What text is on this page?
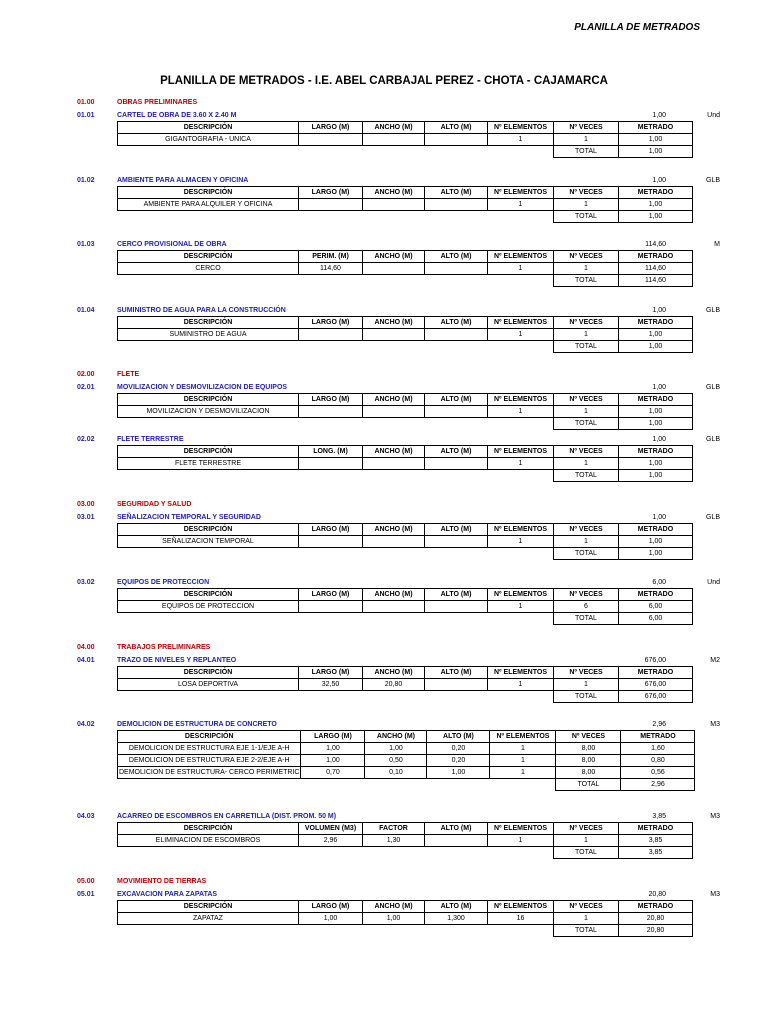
PLANILLA DE METRADOS
PLANILLA DE METRADOS - I.E. ABEL CARBAJAL PEREZ - CHOTA - CAJAMARCA
01.00	OBRAS PRELIMINARES
01.01	CARTEL DE OBRA DE 3.60 X 2.40 M	1,00	Und
DESCRIPCIÓN	LARGO (M)	ANCHO (M)	ALTO (M)	Nº ELEMENTOS	Nº VECES	METRADO
GIGANTOGRAFIA - UNICA				1	1	1,00
					TOTAL	1,00
01.02	AMBIENTE PARA ALMACEN Y OFICINA	1,00	GLB
DESCRIPCIÓN	LARGO (M)	ANCHO (M)	ALTO (M)	Nº ELEMENTOS	Nº VECES	METRADO
AMBIENTE PARA ALQUILER Y OFICINA				1	1	1,00
					TOTAL	1,00
01.03	CERCO PROVISIONAL DE OBRA	114,60	M
DESCRIPCIÓN	PERIM. (M)	ANCHO (M)	ALTO (M)	Nº ELEMENTOS	Nº VECES	METRADO
CERCO	114,60			1	1	114,60
					TOTAL	114,60
01.04	SUMINISTRO DE AGUA PARA LA CONSTRUCCIÓN	1,00	GLB
DESCRIPCIÓN	LARGO (M)	ANCHO (M)	ALTO (M)	Nº ELEMENTOS	Nº VECES	METRADO
SUMINISTRO DE AGUA				1	1	1,00
					TOTAL	1,00
02.00	FLETE
02.01	MOVILIZACION Y DESMOVILIZACION DE EQUIPOS	1,00	GLB
DESCRIPCIÓN	LARGO (M)	ANCHO (M)	ALTO (M)	Nº ELEMENTOS	Nº VECES	METRADO
MOVILIZACION Y DESMOVILIZACION				1	1	1,00
					TOTAL	1,00
02.02	FLETE TERRESTRE	1,00	GLB
DESCRIPCIÓN	LONG. (M)	ANCHO (M)	ALTO (M)	Nº ELEMENTOS	Nº VECES	METRADO
FLETE TERRESTRE				1	1	1,00
					TOTAL	1,00
03.00	SEGURIDAD Y SALUD
03.01	SEÑALIZACION TEMPORAL Y SEGURIDAD	1,00	GLB
DESCRIPCIÓN	LARGO (M)	ANCHO (M)	ALTO (M)	Nº ELEMENTOS	Nº VECES	METRADO
SEÑALIZACION TEMPORAL				1	1	1,00
					TOTAL	1,00
03.02	EQUIPOS DE PROTECCION	6,00	Und
DESCRIPCIÓN	LARGO (M)	ANCHO (M)	ALTO (M)	Nº ELEMENTOS	Nº VECES	METRADO
EQUIPOS DE PROTECCION				1	6	6,00
					TOTAL	6,00
04.00	TRABAJOS PRELIMINARES
04.01	TRAZO DE NIVELES Y REPLANTEO	676,00	M2
DESCRIPCIÓN	LARGO (M)	ANCHO (M)	ALTO (M)	Nº ELEMENTOS	Nº VECES	METRADO
LOSA DEPORTIVA	32,50	20,80		1	1	676,00
					TOTAL	676,00
04.02	DEMOLICION DE ESTRUCTURA DE CONCRETO	2,96	M3
DESCRIPCIÓN	LARGO (M)	ANCHO (M)	ALTO (M)	Nº ELEMENTOS	Nº VECES	METRADO
DEMOLICION DE ESTRUCTURA EJE 1-1/EJE A-H	1,00	1,00	0,20	1	8,00	1,60
DEMOLICION DE ESTRUCTURA EJE 2-2/EJE A-H	1,00	0,50	0,20	1	8,00	0,80
DEMOLICION DE ESTRUCTURA- CERCO PERIMETRIC	0,70	0,10	1,00	1	8,00	0,56
					TOTAL	2,96
04.03	ACARREO DE ESCOMBROS EN CARRETILLA (DIST. PROM. 50 M)	3,85	M3
DESCRIPCIÓN	VOLUMEN (M3)	FACTOR	ALTO (M)	Nº ELEMENTOS	Nº VECES	METRADO
ELIMINACION DE ESCOMBROS	2,96	1,30		1	1	3,85
					TOTAL	3,85
05.00	MOVIMIENTO DE TIERRAS
05.01	EXCAVACION PARA ZAPATAS	20,80	M3
DESCRIPCIÓN	LARGO (M)	ANCHO (M)	ALTO (M)	Nº ELEMENTOS	Nº VECES	METRADO
ZAPATAZ	1,00	1,00	1,300	16	1	20,80
					TOTAL	20,80
